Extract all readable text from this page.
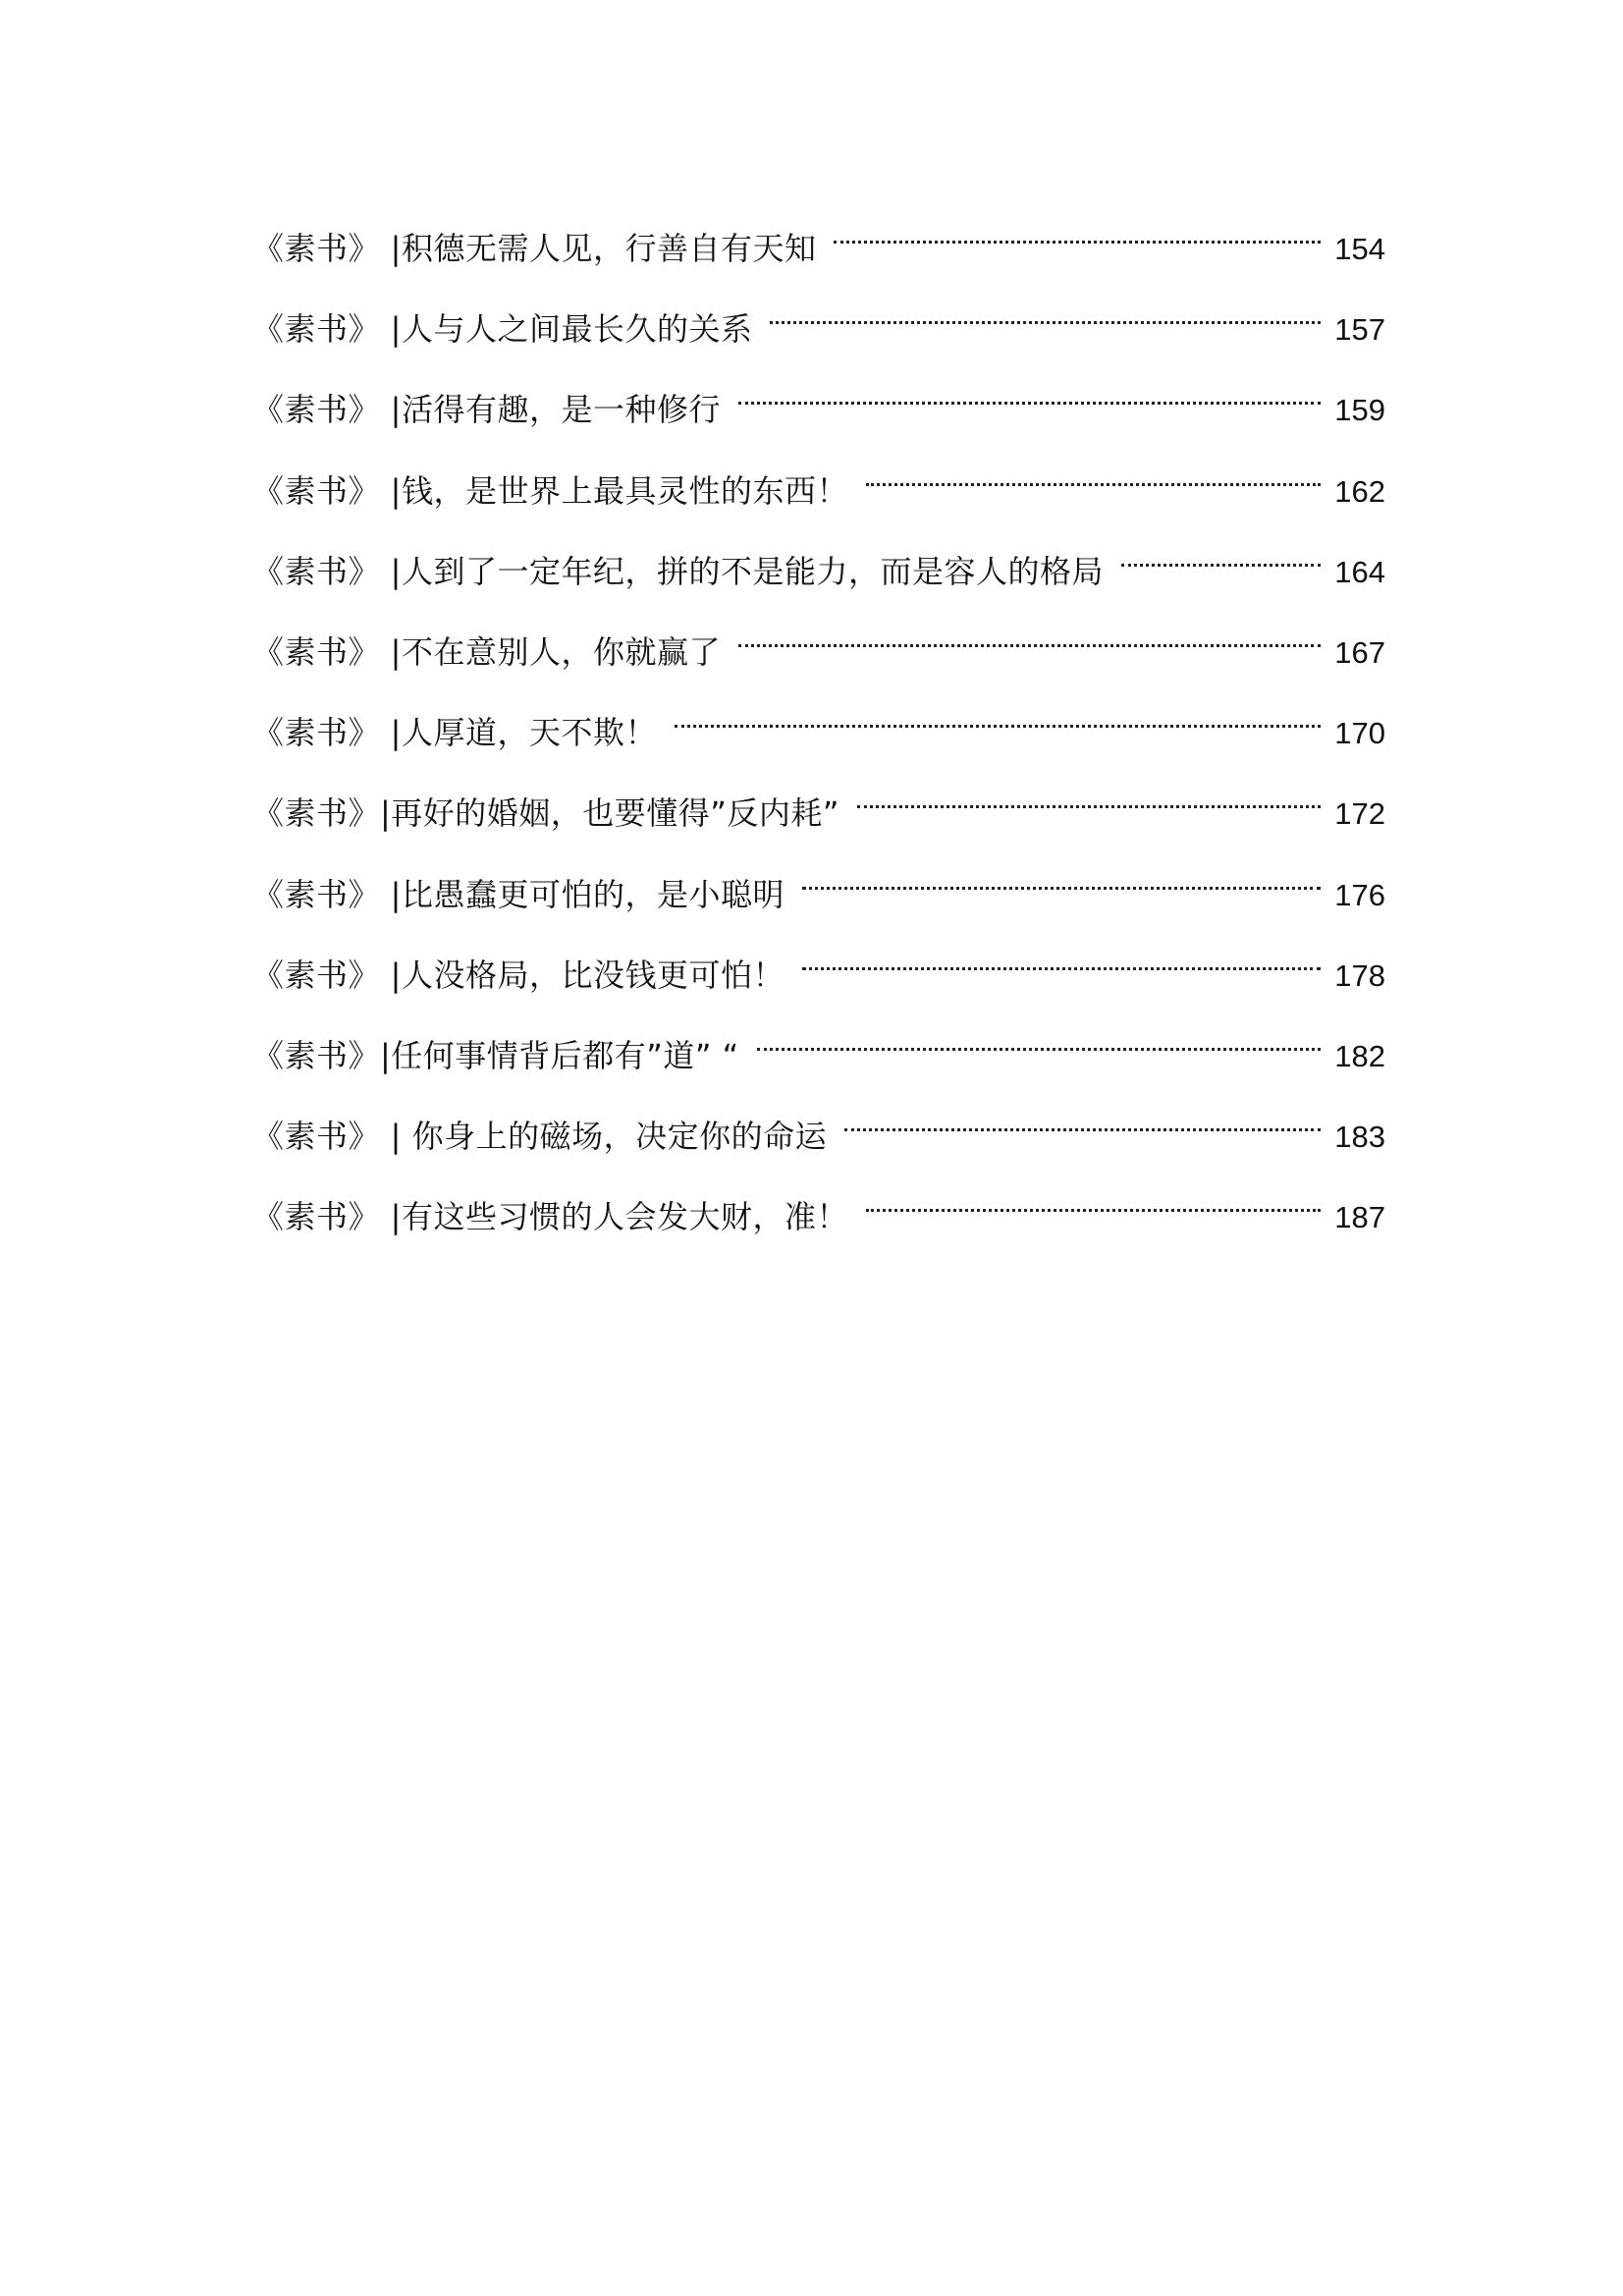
《素书》 |积德无需人见，行善自有天知	154
《素书》 |人与人之间最长久的关系	157
《素书》 |活得有趣，是一种修行	159
《素书》 |钱，是世界上最具灵性的东西！	162
《素书》 |人到了一定年纪，拼的不是能力，而是容人的格局	164
《素书》 |不在意别人，你就赢了	167
《素书》 |人厚道，天不欺！	170
《素书》|再好的婚姻，也要懂得”反内耗”	172
《素书》 |比愚蠢更可怕的，是小聪明	176
《素书》 |人没格局，比没钱更可怕！	178
《素书》|任何事情背后都有”道” “	182
《素书》 | 你身上的磁场，决定你的命运	183
《素书》 |有这些习惯的人会发大财，准！	187
